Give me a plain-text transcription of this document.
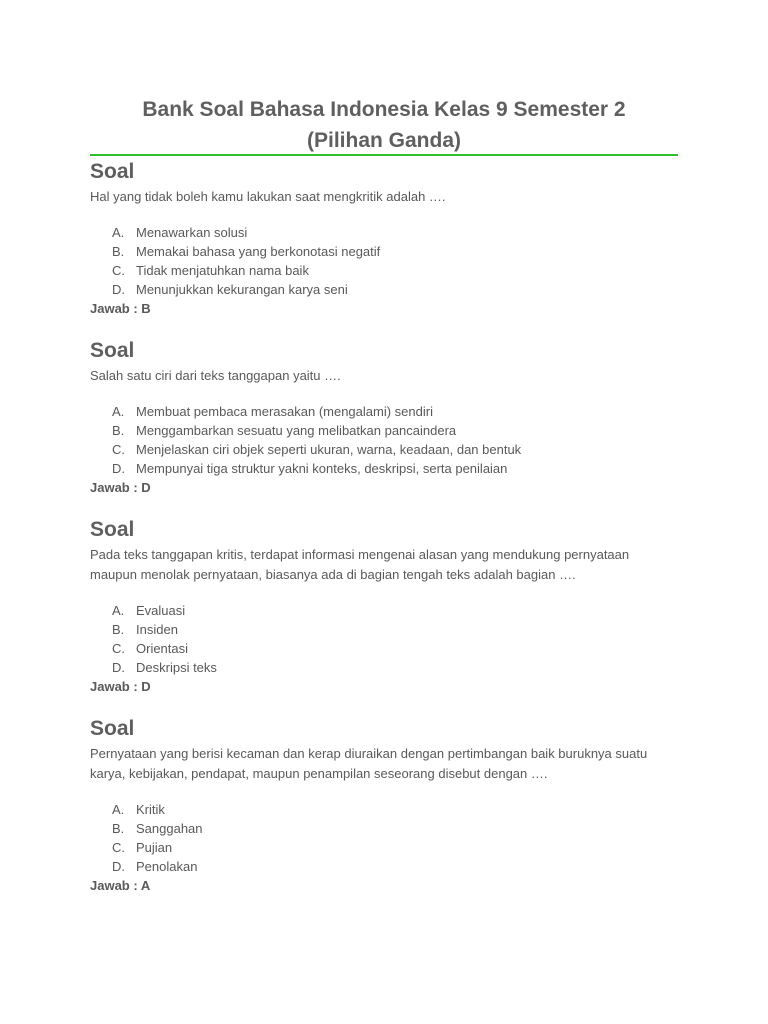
Bank Soal Bahasa Indonesia Kelas 9 Semester 2
(Pilihan Ganda)
Soal
Hal yang tidak boleh kamu lakukan saat mengkritik adalah ….
A. Menawarkan solusi
B. Memakai bahasa yang berkonotasi negatif
C. Tidak menjatuhkan nama baik
D. Menunjukkan kekurangan karya seni
Jawab : B
Soal
Salah satu ciri dari teks tanggapan yaitu ….
A. Membuat pembaca merasakan (mengalami) sendiri
B. Menggambarkan sesuatu yang melibatkan pancaindera
C. Menjelaskan ciri objek seperti ukuran, warna, keadaan, dan bentuk
D. Mempunyai tiga struktur yakni konteks, deskripsi, serta penilaian
Jawab : D
Soal
Pada teks tanggapan kritis, terdapat informasi mengenai alasan yang mendukung pernyataan maupun menolak pernyataan, biasanya ada di bagian tengah teks adalah bagian ….
A. Evaluasi
B. Insiden
C. Orientasi
D. Deskripsi teks
Jawab : D
Soal
Pernyataan yang berisi kecaman dan kerap diuraikan dengan pertimbangan baik buruknya suatu karya, kebijakan, pendapat, maupun penampilan seseorang disebut dengan ….
A. Kritik
B. Sanggahan
C. Pujian
D. Penolakan
Jawab : A
